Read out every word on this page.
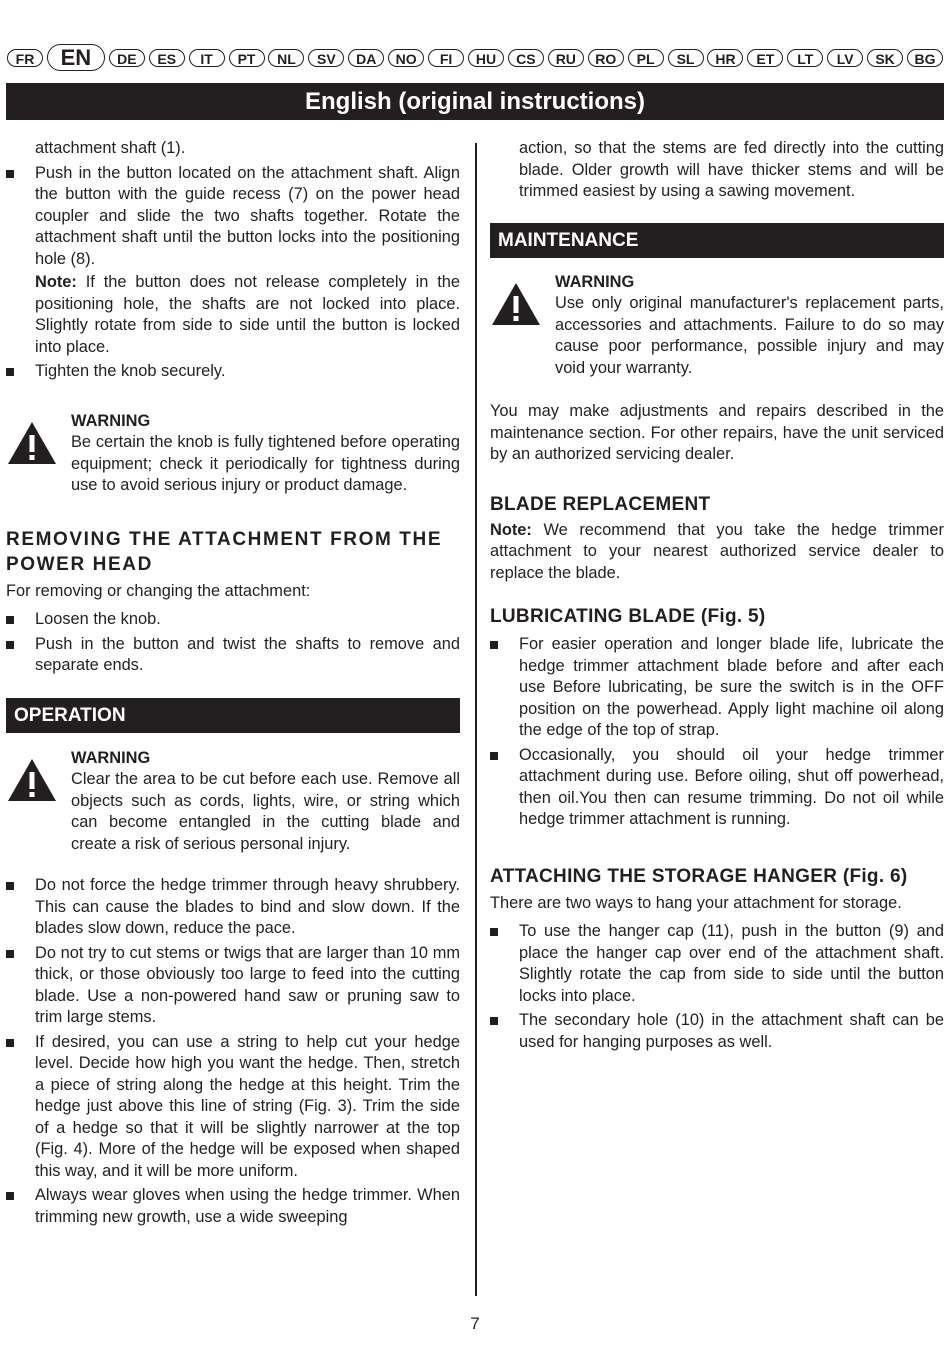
FR	EN	DE	ES	IT	PT	NL	SV	DA	NO	FI	HU	CS	RU	RO	PL	SL	HR	ET	LT	LV	SK	BG
English (original instructions)

attachment shaft (1).

Push in the button located on the attachment shaft. Align the button with the guide recess (7) on the power head coupler and slide the two shafts together. Rotate the attachment shaft until the button locks into the positioning hole (8).

Note: If the button does not release completely in the positioning hole, the shafts are not locked into place. Slightly rotate from side to side until the button is locked into place.

Tighten the knob securely.
WARNING

Be certain the knob is fully tightened before operating equipment; check it periodically for tightness during use to avoid serious injury or product damage.

REMOVING THE ATTACHMENT FROM THE POWER HEAD

For removing or changing the attachment:

Loosen the knob.
Push in the button and twist the shafts to remove and separate ends.
OPERATION
WARNING

Clear the area to be cut before each use. Remove all objects such as cords, lights, wire, or string which can become entangled in the cutting blade and create a risk of serious personal injury.

Do not force the hedge trimmer through heavy shrubbery. This can cause the blades to bind and slow down. If the blades slow down, reduce the pace.
Do not try to cut stems or twigs that are larger than 10 mm thick, or those obviously too large to feed into the cutting blade. Use a non-powered hand saw or pruning saw to trim large stems.
If desired, you can use a string to help cut your hedge level. Decide how high you want the hedge. Then, stretch a piece of string along the hedge at this height. Trim the hedge just above this line of string (Fig. 3). Trim the side of a hedge so that it will be slightly narrower at the top (Fig. 4). More of the hedge will be exposed when shaped this way, and it will be more uniform.
Always wear gloves when using the hedge trimmer. When trimming new growth, use a wide sweeping

action, so that the stems are fed directly into the cutting blade. Older growth will have thicker stems and will be trimmed easiest by using a sawing movement.

MAINTENANCE
WARNING

Use only original manufacturer's replacement parts, accessories and attachments. Failure to do so may cause poor performance, possible injury and may void your warranty.

You may make adjustments and repairs described in the maintenance section. For other repairs, have the unit serviced by an authorized servicing dealer.

BLADE REPLACEMENT

Note: We recommend that you take the hedge trimmer attachment to your nearest authorized service dealer to replace the blade.

LUBRICATING BLADE (Fig. 5)
For easier operation and longer blade life, lubricate the hedge trimmer attachment blade before and after each use Before lubricating, be sure the switch is in the OFF position on the powerhead. Apply light machine oil along the edge of the top of strap.
Occasionally, you should oil your hedge trimmer attachment during use. Before oiling, shut off powerhead, then oil.You then can resume trimming. Do not oil while hedge trimmer attachment is running.
ATTACHING THE STORAGE HANGER (Fig. 6)

There are two ways to hang your attachment for storage.

To use the hanger cap (11), push in the button (9) and place the hanger cap over end of the attachment shaft. Slightly rotate the cap from side to side until the button locks into place.
The secondary hole (10) in the attachment shaft can be used for hanging purposes as well.
7
